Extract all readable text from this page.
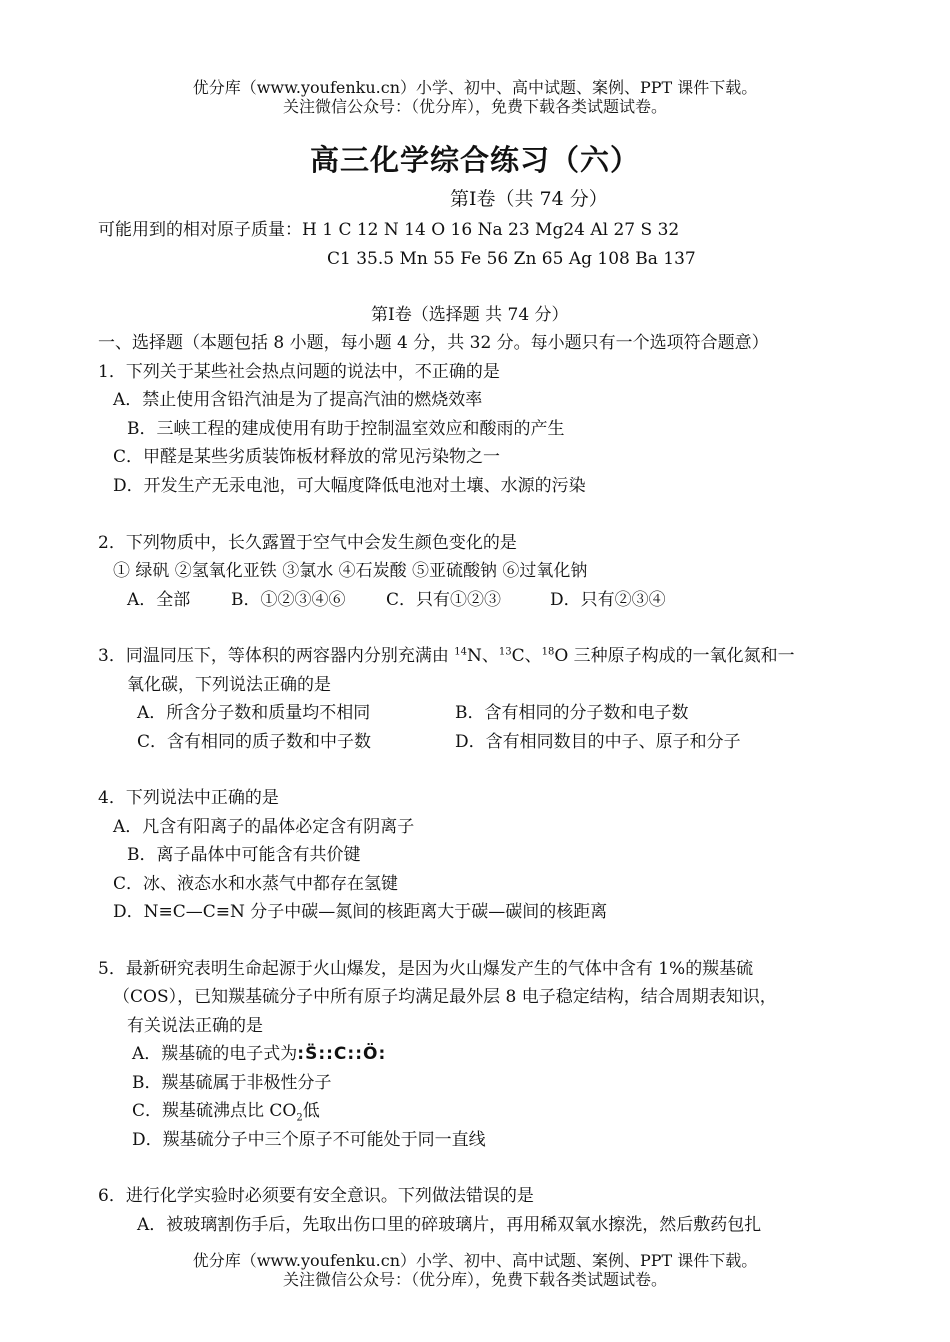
优分库（www.youfenku.cn）小学、初中、高中试题、案例、PPT 课件下载。
关注微信公众号：（优分库），免费下载各类试题试卷。
高三化学综合练习（六）
第Ⅰ卷（共 74 分）
可能用到的相对原子质量：H 1 C 12 N 14 O 16 Na 23 Mg24 Al 27 S 32
C1 35.5 Mn 55 Fe 56 Zn 65 Ag 108 Ba 137
第Ⅰ卷（选择题 共 74 分）
一、选择题（本题包括 8 小题，每小题 4 分，共 32 分。每小题只有一个选项符合题意）
1．下列关于某些社会热点问题的说法中，不正确的是
A．禁止使用含铅汽油是为了提高汽油的燃烧效率
B．三峡工程的建成使用有助于控制温室效应和酸雨的产生
C．甲醛是某些劣质装饰板材释放的常见污染物之一
D．开发生产无汞电池，可大幅度降低电池对土壤、水源的污染
2．下列物质中，长久露置于空气中会发生颜色变化的是
① 绿矾 ②氢氧化亚铁 ③氯水 ④石炭酸 ⑤亚硫酸钠 ⑥过氧化钠
A．全部 B．①②③④⑥ C．只有①②③	D．只有②③④
3．同温同压下，等体积的两容器内分别充满由 $^{14}$N、$^{13}$C、$^{18}$O 三种原子构成的一氧化氮和一
氧化碳，下列说法正确的是
A．所含分子数和质量均不相同	B．含有相同的分子数和电子数
C．含有相同的质子数和中子数	D．含有相同数目的中子、原子和分子
4．下列说法中正确的是
A．凡含有阳离子的晶体必定含有阴离子
B．离子晶体中可能含有共价键
C．冰、液态水和水蒸气中都存在氢键
D．N≡C—C≡N 分子中碳—氮间的核距离大于碳—碳间的核距离
5．最新研究表明生命起源于火山爆发，是因为火山爆发产生的气体中含有 1%的羰基硫
（COS），已知羰基硫分子中所有原子均满足最外层 8 电子稳定结构，结合周期表知识，
有关说法正确的是
A．羰基硫的电子式为:S̈::C::Ö:
B．羰基硫属于非极性分子
C．羰基硫沸点比 $CO_2$低
D．羰基硫分子中三个原子不可能处于同一直线
6．进行化学实验时必须要有安全意识。下列做法错误的是
A．被玻璃割伤手后，先取出伤口里的碎玻璃片，再用稀双氧水擦洗，然后敷药包扎
优分库（www.youfenku.cn）小学、初中、高中试题、案例、PPT 课件下载。
关注微信公众号：（优分库），免费下载各类试题试卷。
